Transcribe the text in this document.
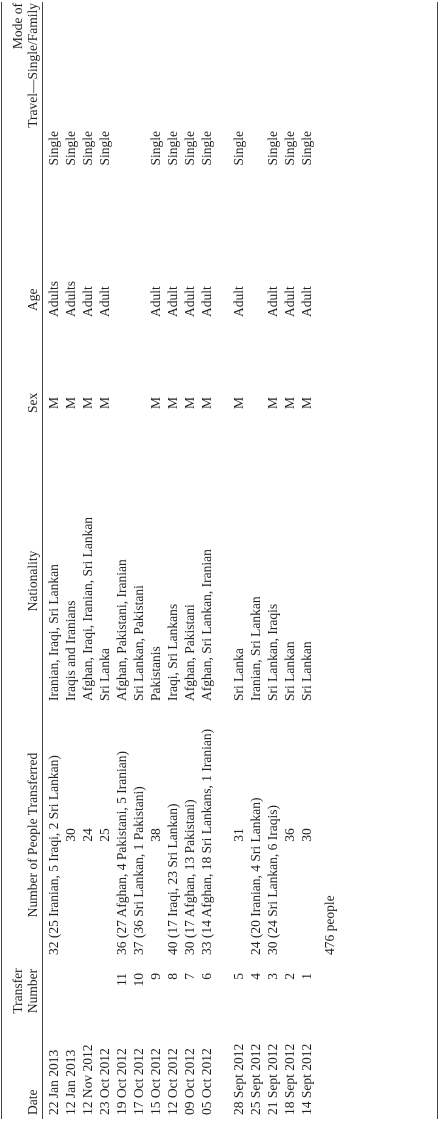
Date
Transfer Number
Number of People Transferred
Nationality
Sex
Age
Mode of Travel—Single/Family
22 Jan 2013
32 (25 Iranian, 5 Iraqi, 2 Sri Lankan)
Iranian, Iraqi, Sri Lankan
M
Adults
Single
12 Jan 2013
30
Iraqis and Iranians
M
Adults
Single
12 Nov 2012
24
Afghan, Iraqi, Iranian, Sri Lankan
M
Adult
Single
23 Oct 2012
25
Sri Lanka
M
Adult
Single
19 Oct 2012
11
36 (27 Afghan, 4 Pakistani, 5 Iranian)
Afghan, Pakistani, Iranian
17 Oct 2012
10
37 (36 Sri Lankan, 1 Pakistani)
Sri Lankan, Pakistani
15 Oct 2012
9
38
Pakistanis
M
Adult
Single
12 Oct 2012
8
40 (17 Iraqi, 23 Sri Lankan)
Iraqi, Sri Lankans
M
Adult
Single
09 Oct 2012
7
30 (17 Afghan, 13 Pakistani)
Afghan, Pakistani
M
Adult
Single
05 Oct 2012
6
33 (14 Afghan, 18 Sri Lankans, 1 Iranian)
Afghan, Sri Lankan, Iranian
M
Adult
Single
28 Sept 2012
5
31
Sri Lanka
M
Adult
Single
25 Sept 2012
4
24 (20 Iranian, 4 Sri Lankan)
Iranian, Sri Lankan
21 Sept 2012
3
30 (24 Sri Lankan, 6 Iraqis)
Sri Lankan, Iraqis
M
Adult
Single
18 Sept 2012
2
36
Sri Lankan
M
Adult
Single
14 Sept 2012
1
30
Sri Lankan
M
Adult
Single
476 people
